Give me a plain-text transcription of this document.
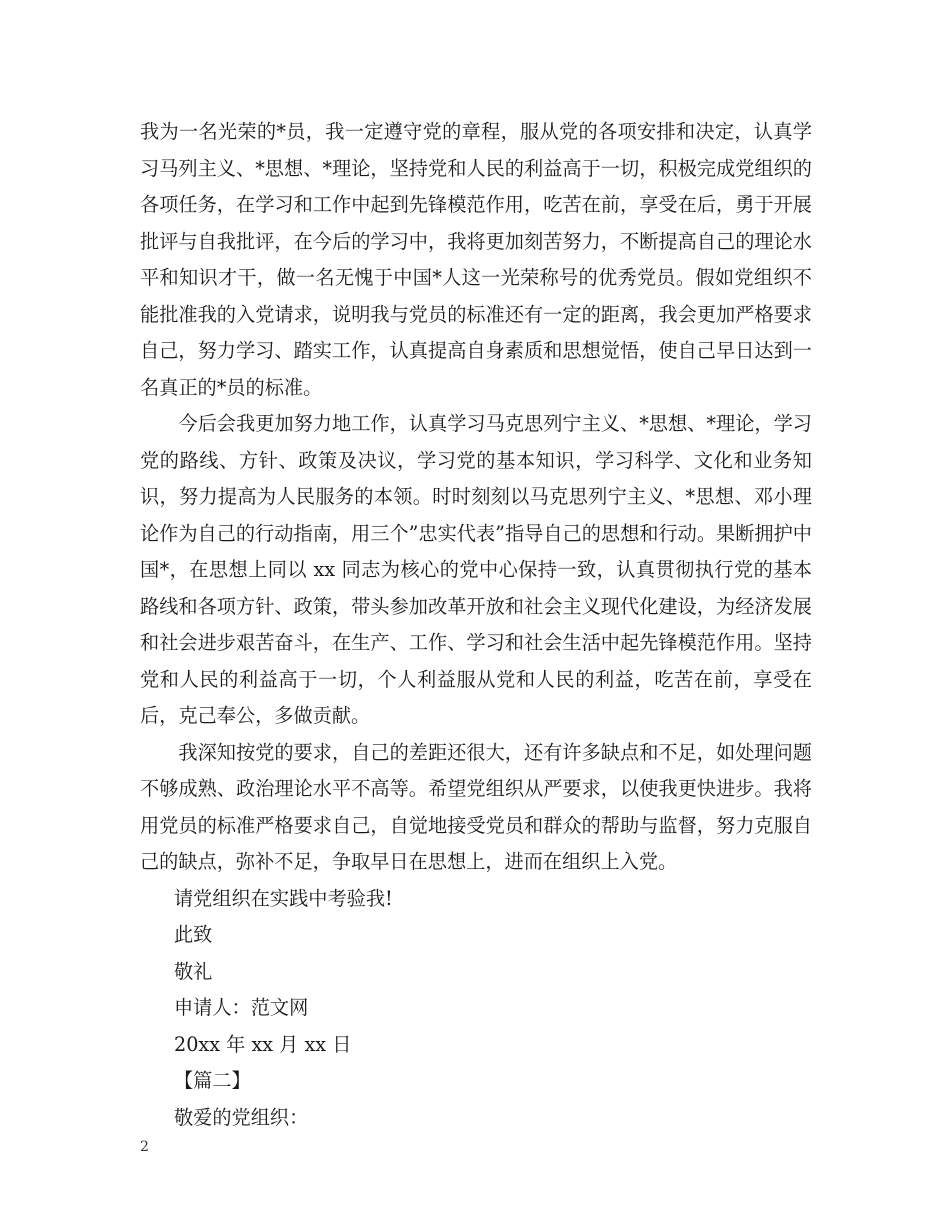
我为一名光荣的*员，我一定遵守党的章程，服从党的各项安排和决定，认真学习马列主义、*思想、*理论，坚持党和人民的利益高于一切，积极完成党组织的各项任务，在学习和工作中起到先锋模范作用，吃苦在前，享受在后，勇于开展批评与自我批评，在今后的学习中，我将更加刻苦努力，不断提高自己的理论水平和知识才干，做一名无愧于中国*人这一光荣称号的优秀党员。假如党组织不能批准我的入党请求，说明我与党员的标准还有一定的距离，我会更加严格要求自己，努力学习、踏实工作，认真提高自身素质和思想觉悟，使自己早日达到一名真正的*员的标准。

今后会我更加努力地工作，认真学习马克思列宁主义、*思想、*理论，学习党的路线、方针、政策及决议，学习党的基本知识，学习科学、文化和业务知识，努力提高为人民服务的本领。时时刻刻以马克思列宁主义、*思想、邓小理论作为自己的行动指南，用三个”忠实代表”指导自己的思想和行动。果断拥护中国*，在思想上同以 xx 同志为核心的党中心保持一致，认真贯彻执行党的基本路线和各项方针、政策，带头参加改革开放和社会主义现代化建设，为经济发展和社会进步艰苦奋斗，在生产、工作、学习和社会生活中起先锋模范作用。坚持党和人民的利益高于一切，个人利益服从党和人民的利益，吃苦在前，享受在后，克己奉公，多做贡献。

我深知按党的要求，自己的差距还很大，还有许多缺点和不足，如处理问题不够成熟、政治理论水平不高等。希望党组织从严要求，以使我更快进步。我将用党员的标准严格要求自己，自觉地接受党员和群众的帮助与监督，努力克服自己的缺点，弥补不足，争取早日在思想上，进而在组织上入党。

请党组织在实践中考验我!

此致

敬礼

申请人：范文网

20xx 年 xx 月 xx 日

【篇二】

敬爱的党组织：

2
